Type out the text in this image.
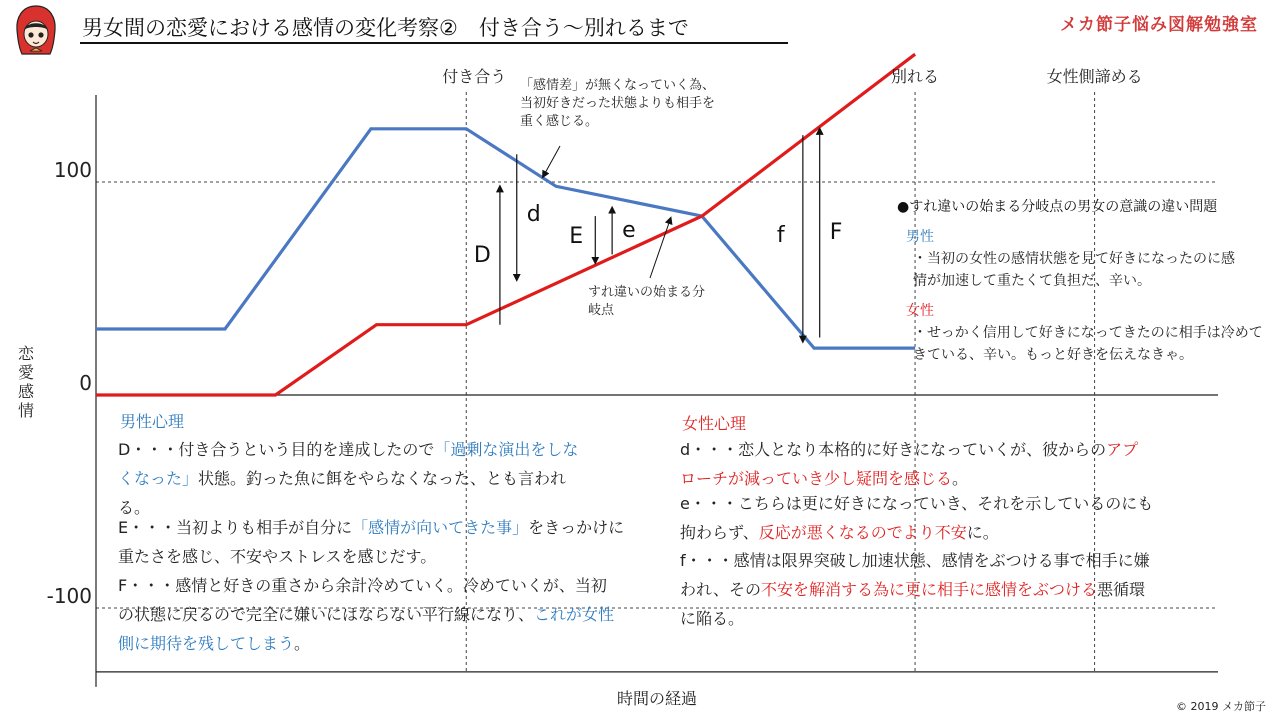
男女間の恋愛における感情の変化考察②　付き合う～別れるまで	メカ節子悩み図解勉強室
付き合う	別れる	女性側諦める
100
0
-100
恋愛感情
時間の経過
D
d
E e	f F
「感情差」が無くなっていく為、当初好きだった状態よりも相手を重く感じる。
すれ違いの始まる分岐点
●すれ違いの始まる分岐点の男女の意識の違い問題
男性
・当初の女性の感情状態を見て好きになったのに感情が加速して重たくて負担だ、辛い。
女性
・せっかく信用して好きになってきたのに相手は冷めてきている、辛い。もっと好きを伝えなきゃ。
男性心理
D・・・付き合うという目的を達成したので「過剰な演出をしなくなった」状態。釣った魚に餌をやらなくなった、とも言われる。
E・・・当初よりも相手が自分に「感情が向いてきた事」をきっかけに重たさを感じ、不安やストレスを感じだす。
F・・・感情と好きの重さから余計冷めていく。冷めていくが、当初の状態に戻るので完全に嫌いにはならない平行線になり、これが女性側に期待を残してしまう。
女性心理
d・・・恋人となり本格的に好きになっていくが、彼からのアプローチが減っていき少し疑問を感じる。
e・・・こちらは更に好きになっていき、それを示しているのにも拘わらず、反応が悪くなるのでより不安に。
f・・・感情は限界突破し加速状態、感情をぶつける事で相手に嫌われ、その不安を解消する為に更に相手に感情をぶつける悪循環に陥る。
© 2019 メカ節子
